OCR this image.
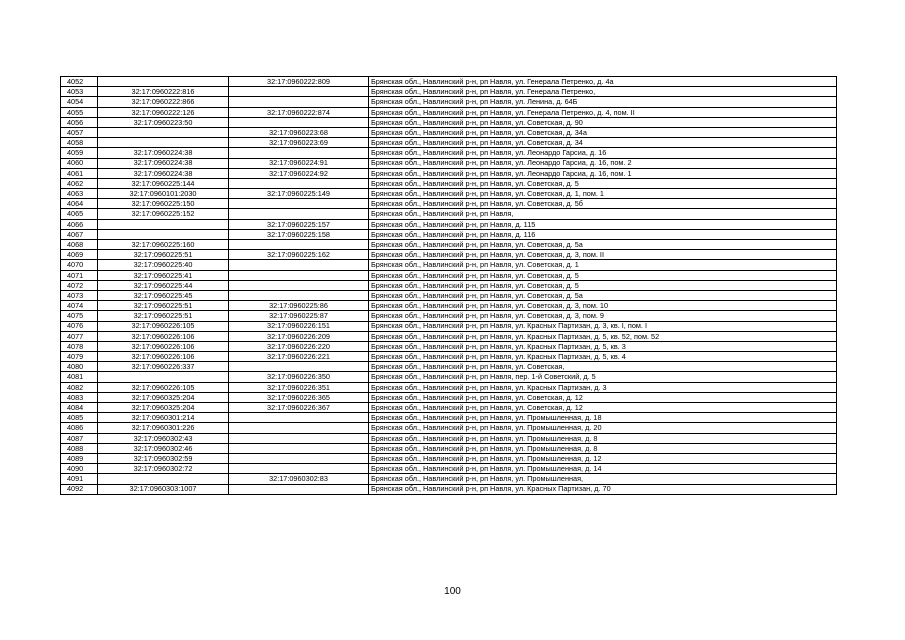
4052		32:17:0960222:809	Брянская обл., Навлинский р-н, рп Навля, ул. Генерала Петренко, д. 4а
4053	32:17:0960222:816		Брянская обл., Навлинский р-н, рп Навля, ул. Генерала Петренко,
4054	32:17:0960222:866		Брянская обл., Навлинский р-н, рп Навля, ул. Ленина, д. 64Б
4055	32:17:0960222:126	32:17:0960222:874	Брянская обл., Навлинский р-н, рп Навля, ул. Генерала Петренко, д. 4, пом. II
4056	32:17:0960223:50		Брянская обл., Навлинский р-н, рп Навля, ул. Советская, д. 90
4057		32:17:0960223:68	Брянская обл., Навлинский р-н, рп Навля, ул. Советская, д. 34а
4058		32:17:0960223:69	Брянская обл., Навлинский р-н, рп Навля, ул. Советская, д. 34
4059	32:17:0960224:38		Брянская обл., Навлинский р-н, рп Навля, ул. Леонардо Гарсиа, д. 16
4060	32:17:0960224:38	32:17:0960224:91	Брянская обл., Навлинский р-н, рп Навля, ул. Леонардо Гарсиа, д. 16, пом. 2
4061	32:17:0960224:38	32:17:0960224:92	Брянская обл., Навлинский р-н, рп Навля, ул. Леонардо Гарсиа, д. 16, пом. 1
4062	32:17:0960225:144		Брянская обл., Навлинский р-н, рп Навля, ул. Советская, д. 5
4063	32:17:0960101:2030	32:17:0960225:149	Брянская обл., Навлинский р-н, рп Навля, ул. Советская, д. 1, пом. 1
4064	32:17:0960225:150		Брянская обл., Навлинский р-н, рп Навля, ул. Советская, д. 5б
4065	32:17:0960225:152		Брянская обл., Навлинский р-н, рп Навля,
4066		32:17:0960225:157	Брянская обл., Навлинский р-н, рп Навля, д. 115
4067		32:17:0960225:158	Брянская обл., Навлинский р-н, рп Навля, д. 116
4068	32:17:0960225:160		Брянская обл., Навлинский р-н, рп Навля, ул. Советская, д. 5а
4069	32:17:0960225:51	32:17:0960225:162	Брянская обл., Навлинский р-н, рп Навля, ул. Советская, д. 3, пом. II
4070	32:17:0960225:40		Брянская обл., Навлинский р-н, рп Навля, ул. Советская, д. 1
4071	32:17:0960225:41		Брянская обл., Навлинский р-н, рп Навля, ул. Советская, д. 5
4072	32:17:0960225:44		Брянская обл., Навлинский р-н, рп Навля, ул. Советская, д. 5
4073	32:17:0960225:45		Брянская обл., Навлинский р-н, рп Навля, ул. Советская, д. 5а
4074	32:17:0960225:51	32:17:0960225:86	Брянская обл., Навлинский р-н, рп Навля, ул. Советская, д. 3, пом. 10
4075	32:17:0960225:51	32:17:0960225:87	Брянская обл., Навлинский р-н, рп Навля, ул. Советская, д. 3, пом. 9
4076	32:17:0960226:105	32:17:0960226:151	Брянская обл., Навлинский р-н, рп Навля, ул. Красных Партизан, д. 3, кв. I, пом. I
4077	32:17:0960226:106	32:17:0960226:209	Брянская обл., Навлинский р-н, рп Навля, ул. Красных Партизан, д. 5, кв. 52, пом. 52
4078	32:17:0960226:106	32:17:0960226:220	Брянская обл., Навлинский р-н, рп Навля, ул. Красных Партизан, д. 5, кв. 3
4079	32:17:0960226:106	32:17:0960226:221	Брянская обл., Навлинский р-н, рп Навля, ул. Красных Партизан, д. 5, кв. 4
4080	32:17:0960226:337		Брянская обл., Навлинский р-н, рп Навля, ул. Советская,
4081		32:17:0960226:350	Брянская обл., Навлинский р-н, рп Навля, пер. 1-й Советский, д. 5
4082	32:17:0960226:105	32:17:0960226:351	Брянская обл., Навлинский р-н, рп Навля, ул. Красных Партизан, д. 3
4083	32:17:0960325:204	32:17:0960226:365	Брянская обл., Навлинский р-н, рп Навля, ул. Советская, д. 12
4084	32:17:0960325:204	32:17:0960226:367	Брянская обл., Навлинский р-н, рп Навля, ул. Советская, д. 12
4085	32:17:0960301:214		Брянская обл., Навлинский р-н, рп Навля, ул. Промышленная, д. 18
4086	32:17:0960301:226		Брянская обл., Навлинский р-н, рп Навля, ул. Промышленная, д. 20
4087	32:17:0960302:43		Брянская обл., Навлинский р-н, рп Навля, ул. Промышленная, д. 8
4088	32:17:0960302:46		Брянская обл., Навлинский р-н, рп Навля, ул. Промышленная, д. 8
4089	32:17:0960302:59		Брянская обл., Навлинский р-н, рп Навля, ул. Промышленная, д. 12
4090	32:17:0960302:72		Брянская обл., Навлинский р-н, рп Навля, ул. Промышленная, д. 14
4091		32:17:0960302:83	Брянская обл., Навлинский р-н, рп Навля, ул. Промышленная,
4092	32:17:0960303:1007		Брянская обл., Навлинский р-н, рп Навля, ул. Красных Партизан, д. 70
100
